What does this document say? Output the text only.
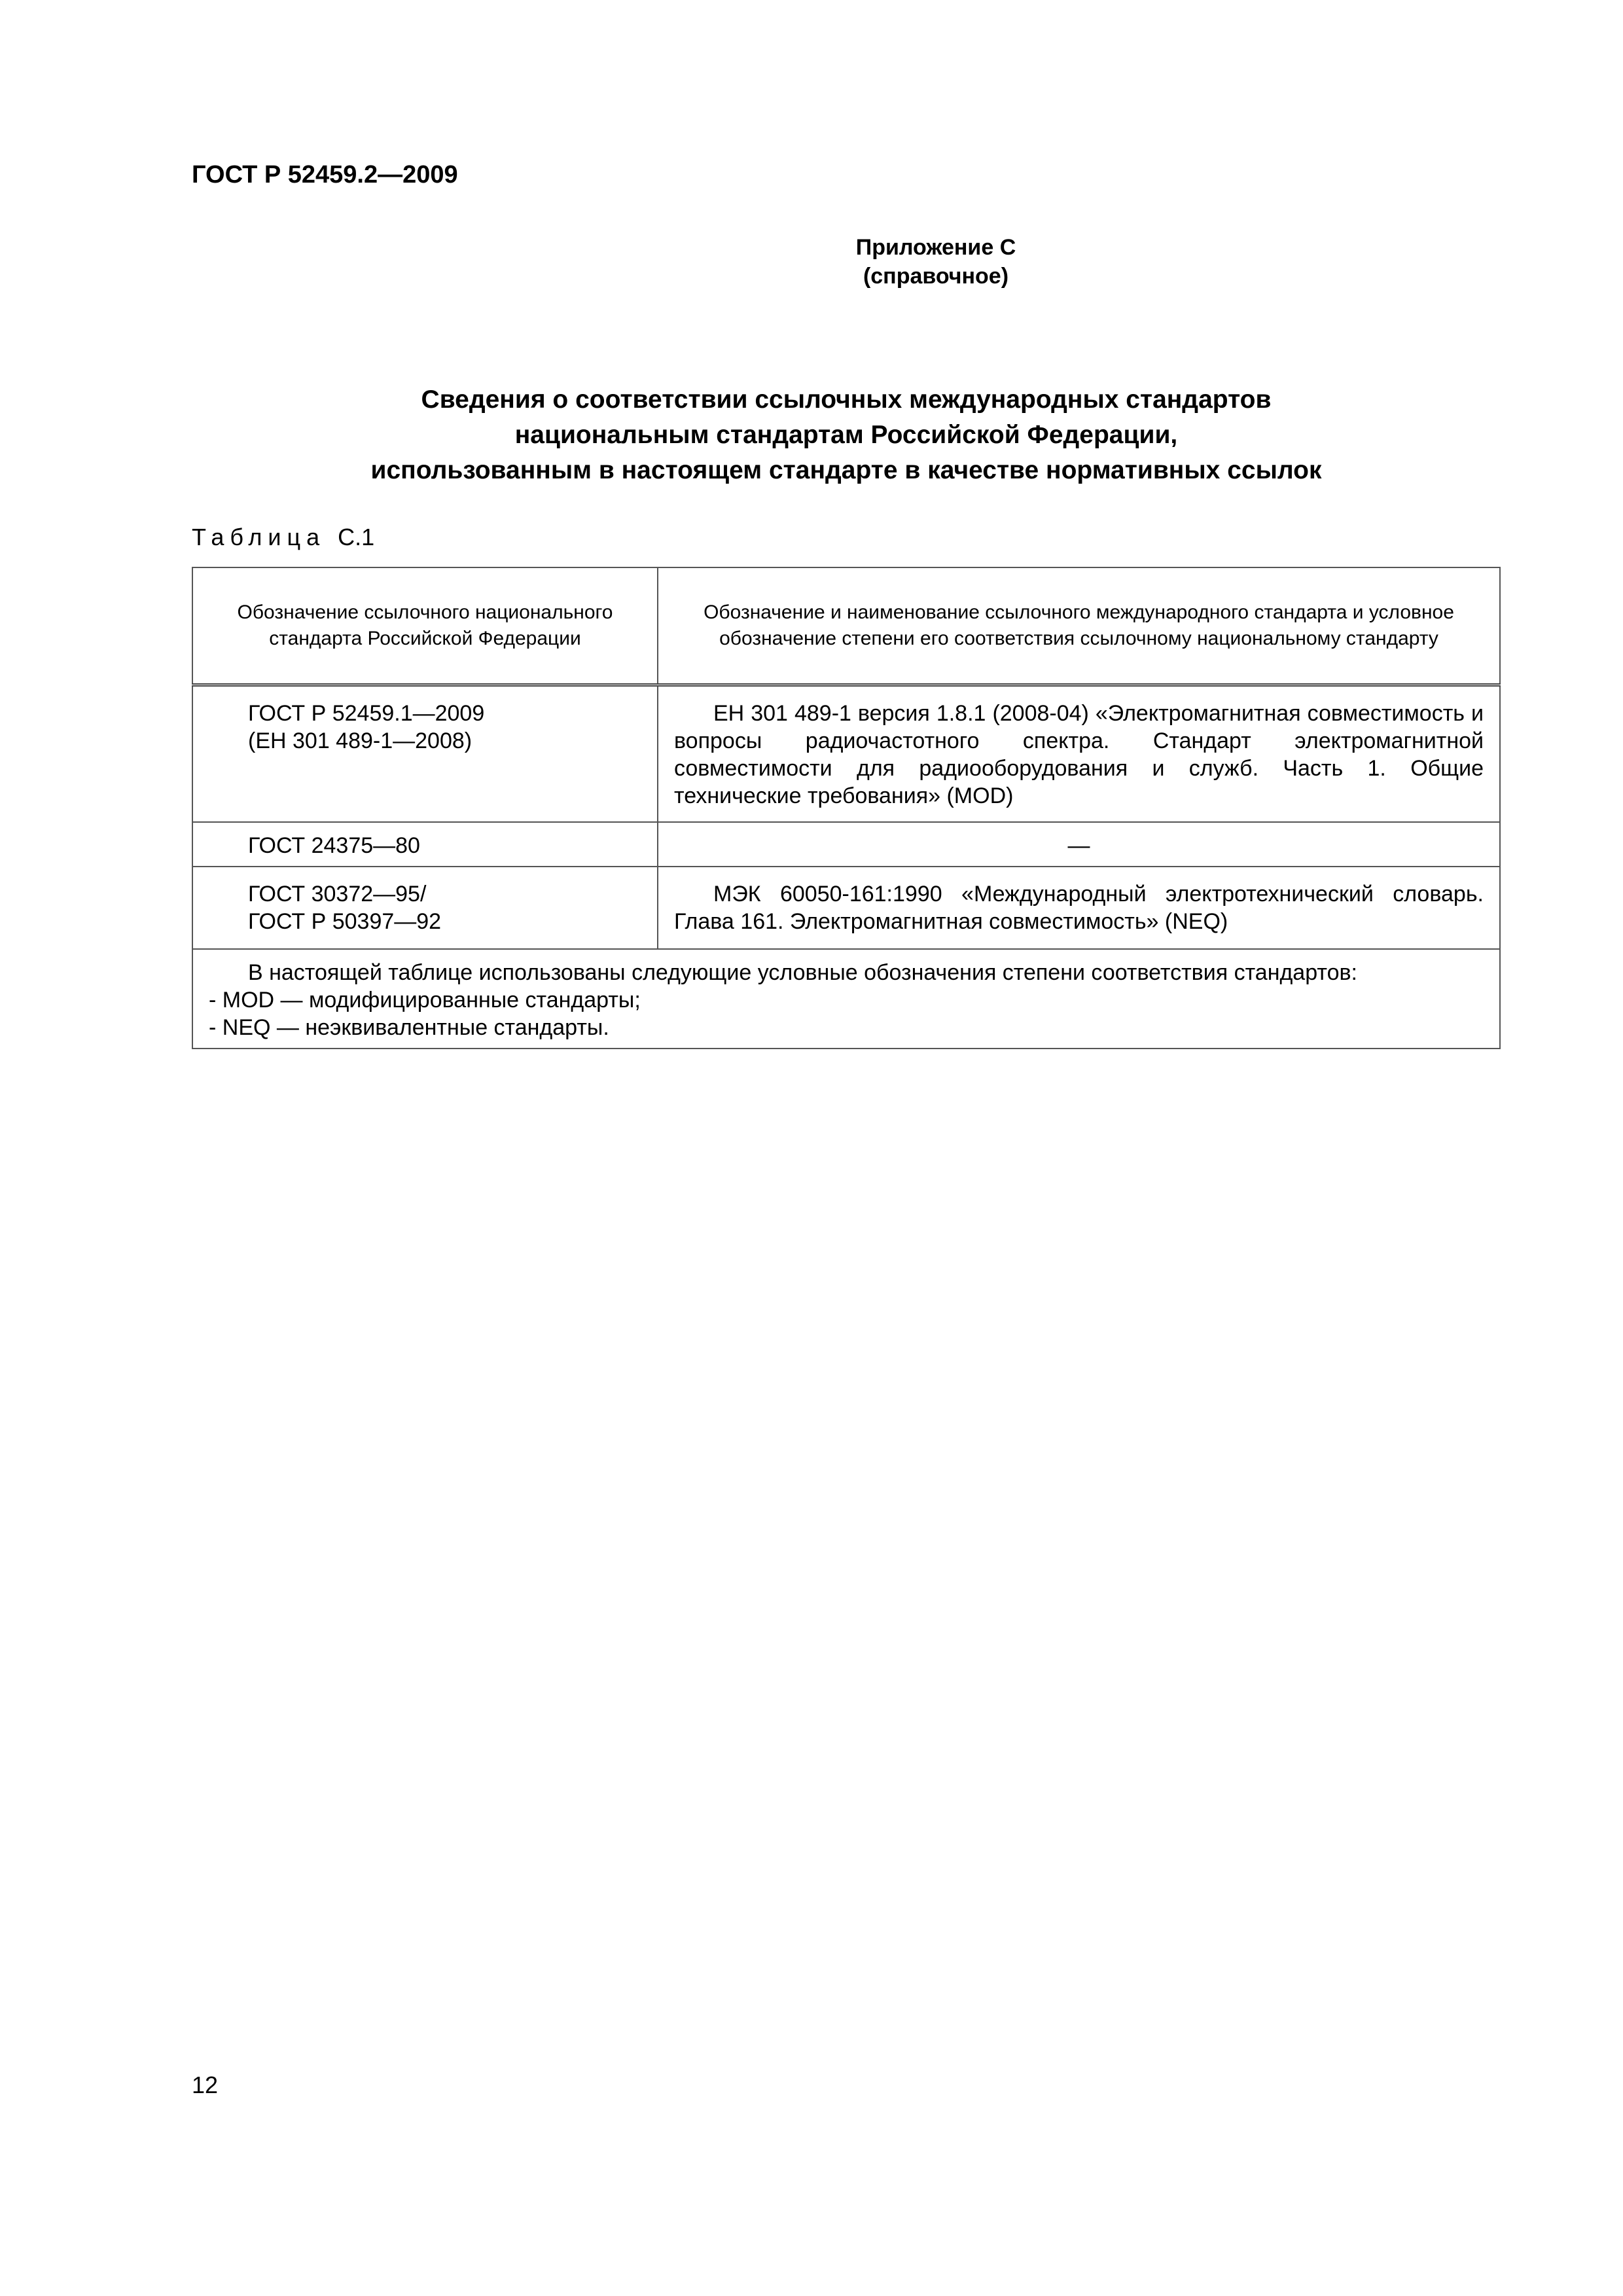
ГОСТ Р 52459.2—2009
Приложение С
(справочное)
Сведения о соответствии ссылочных международных стандартов
национальным стандартам Российской Федерации,
использованным в настоящем стандарте в качестве нормативных ссылок
Таблица С.1
Обозначение ссылочного национального стандарта Российской Федерации	Обозначение и наименование ссылочного международного стандарта и условное обозначение степени его соответствия ссылочному национальному стандарту

ГОСТ Р 52459.1—2009
(ЕН 301 489-1—2008)	ЕН 301 489-1 версия 1.8.1 (2008-04) «Электромагнитная совместимость и вопросы радиочастотного спектра. Стандарт электромагнитной совместимости для радиооборудования и служб. Часть 1. Общие технические требования» (MOD)

ГОСТ 24375—80	—

ГОСТ 30372—95/
ГОСТ Р 50397—92	МЭК 60050-161:1990 «Международный электротехнический словарь. Глава 161. Электромагнитная совместимость» (NEQ)

В настоящей таблице использованы следующие условные обозначения степени соответствия стандартов:
- MOD — модифицированные стандарты;
- NEQ — неэквивалентные стандарты.	
12
